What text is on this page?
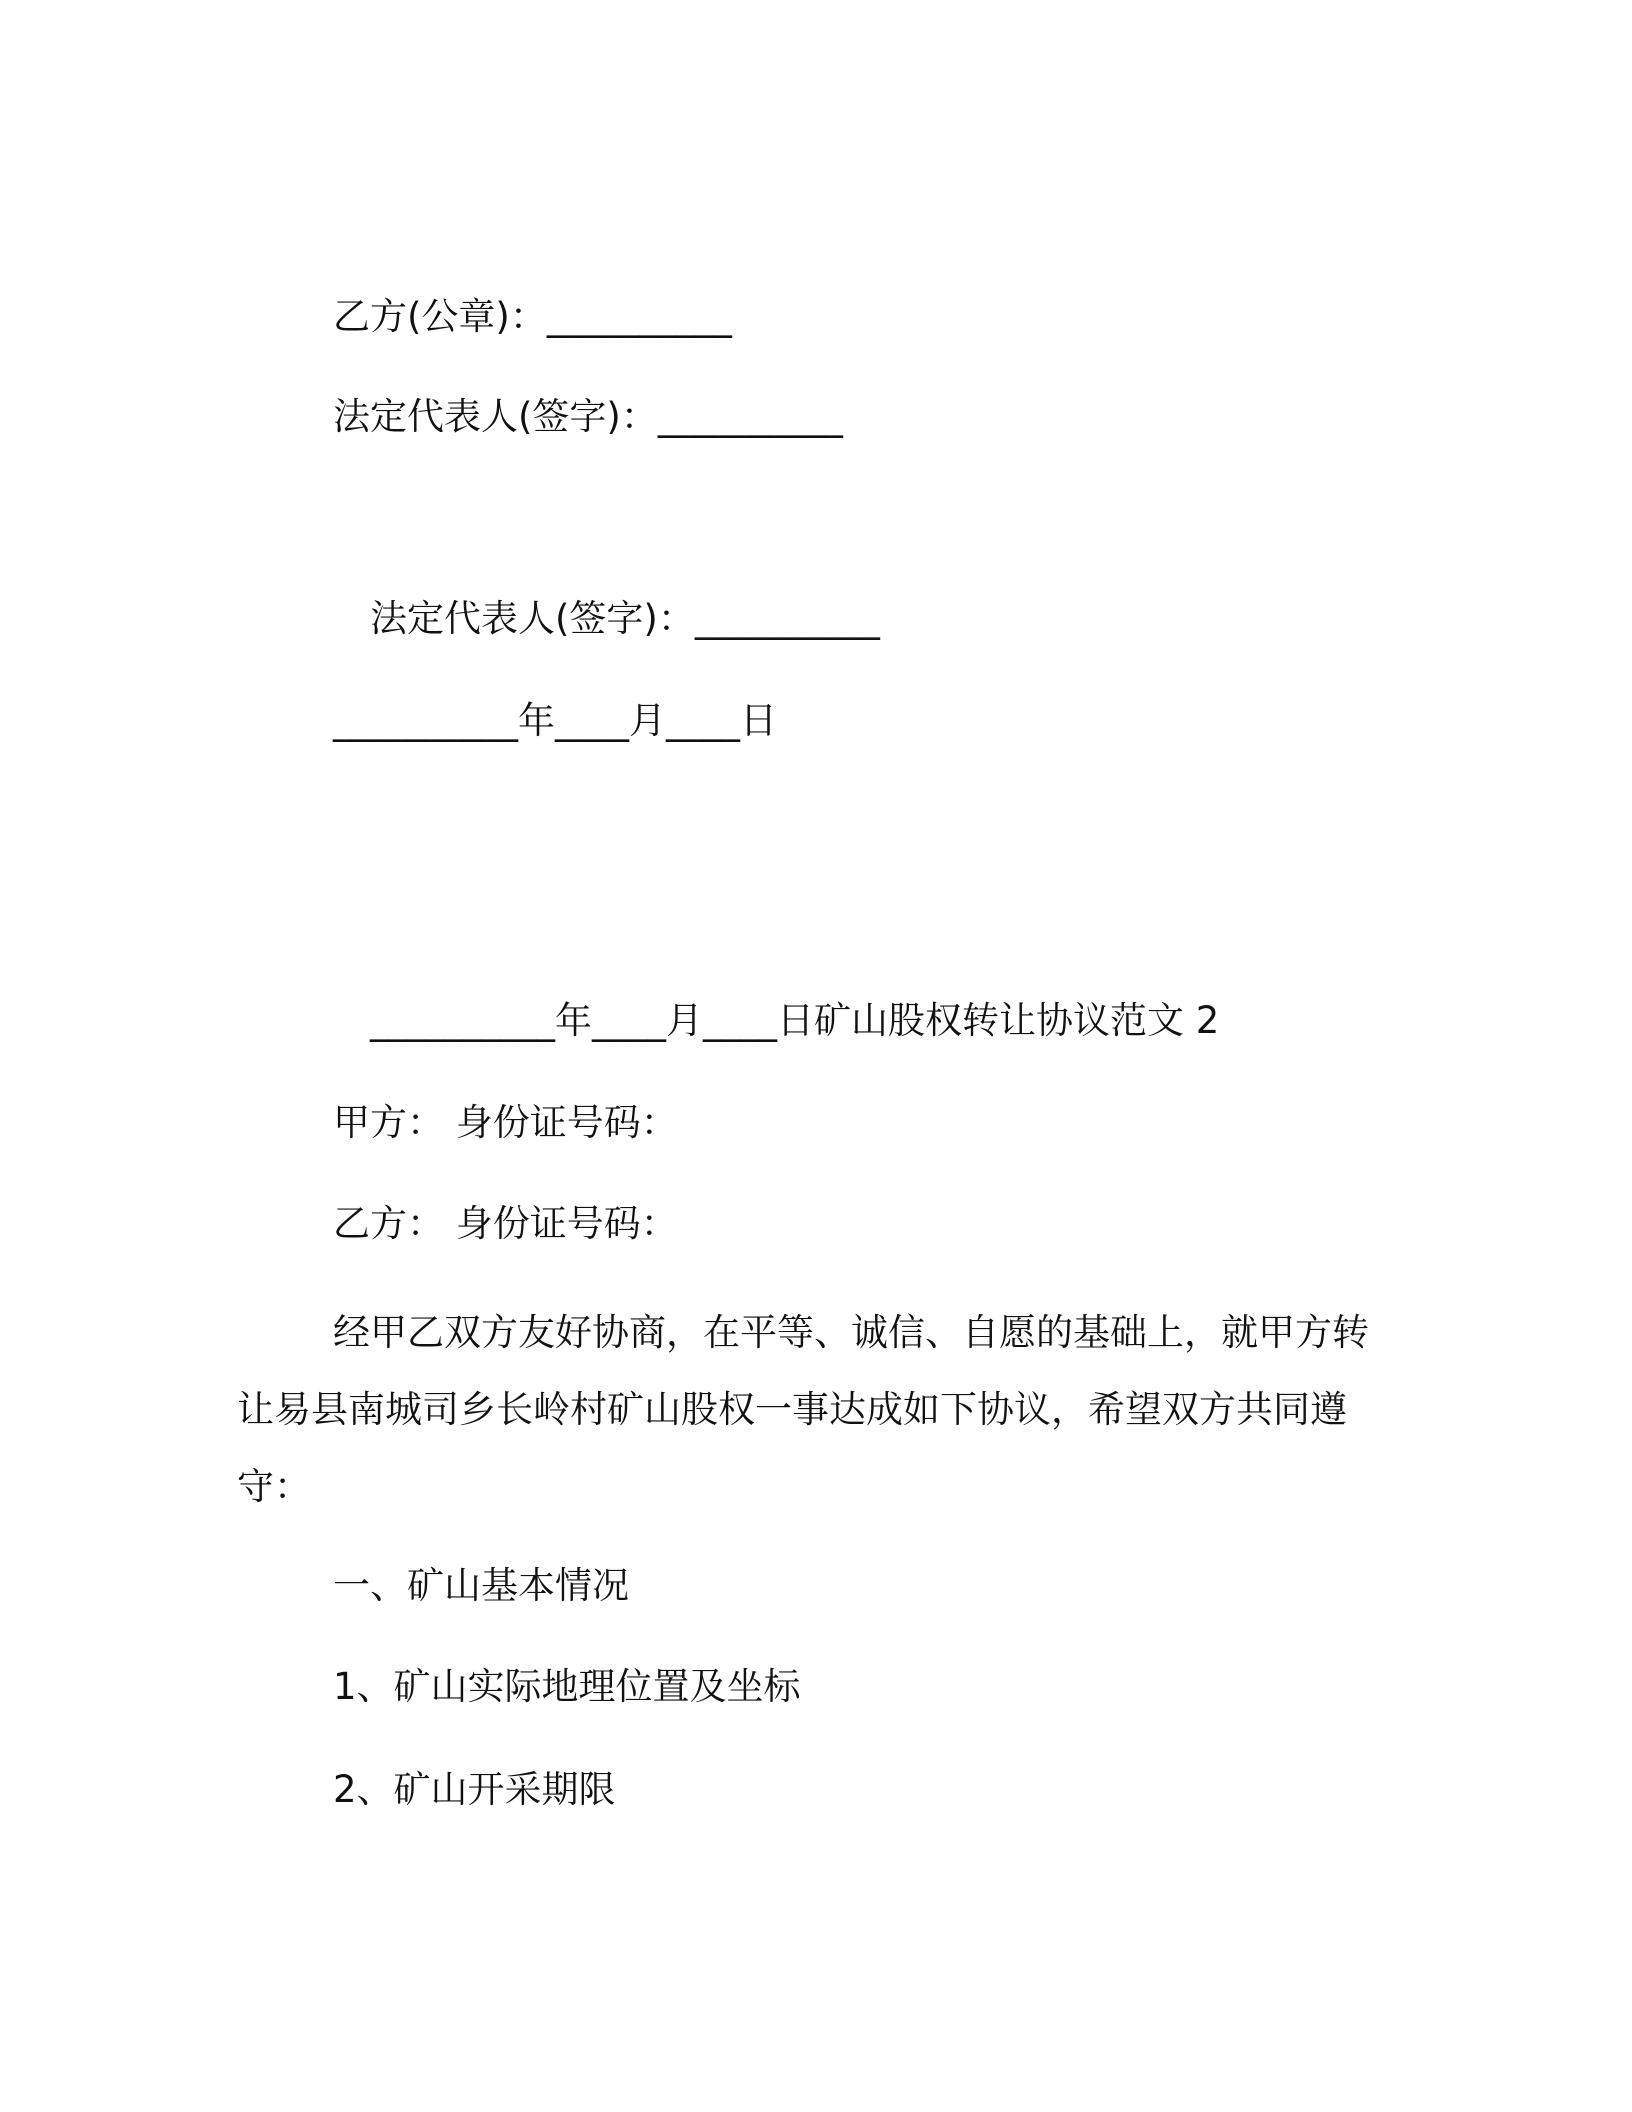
乙方(公章)：__________
法定代表人(签字)：__________
法定代表人(签字)：__________
__________年____月____日
__________年____月____日矿山股权转让协议范文 2
甲方： 身份证号码：
乙方： 身份证号码：
经甲乙双方友好协商，在平等、诚信、自愿的基础上，就甲方转让易县南城司乡长岭村矿山股权一事达成如下协议，希望双方共同遵守：
一、矿山基本情况
1、矿山实际地理位置及坐标
2、矿山开采期限
